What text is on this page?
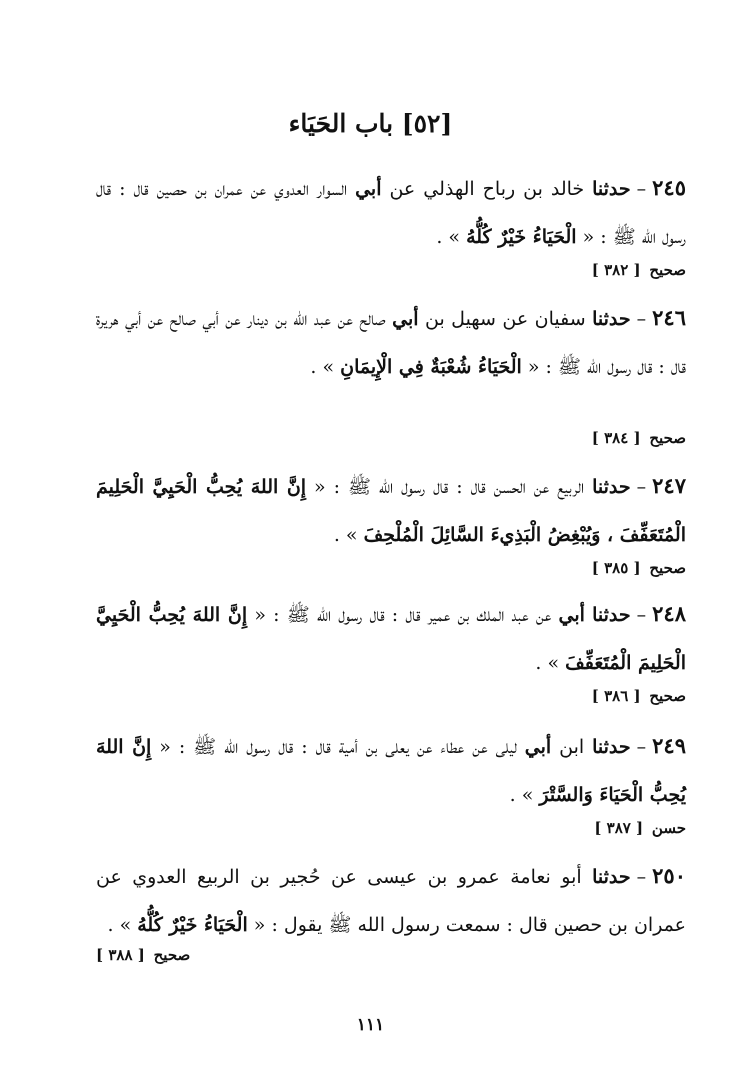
[٥٢] باب الحَيَاء

٢٤٥–حدثنا خالد بن رباح الهذلي عن أبي السوار العدوي عن عمران بن حصين قال : قال رسول الله ﷺ : « الْحَيَاءُ خَيْرٌ كُلُّهُ » .

صحيح [ ٣٨٢ ]

٢٤٦–حدثنا سفيان عن سهيل بن أبي صالح عن عبد الله بن دينار عن أبي صالح عن أبي هريرة قال : قال رسول الله ﷺ : « الْحَيَاءُ شُعْبَةٌ فِي الْإِيمَانِ » .

صحيح [ ٣٨٤ ]

٢٤٧–حدثنا الربيع عن الحسن قال : قال رسول الله ﷺ : « إِنَّ اللهَ يُحِبُّ الْحَيِيَّ الْحَلِيمَ الْمُتَعَفِّفَ ، وَيُبْغِضُ الْبَذِيءَ السَّائِلَ الْمُلْحِفَ » .

صحيح [ ٣٨٥ ]

٢٤٨–حدثنا أبي عن عبد الملك بن عمير قال : قال رسول الله ﷺ : « إِنَّ اللهَ يُحِبُّ الْحَيِيَّ الْحَلِيمَ الْمُتَعَفِّفَ » .

صحيح [ ٣٨٦ ]

٢٤٩–حدثنا ابن أبي ليلى عن عطاء عن يعلى بن أمية قال : قال رسول الله ﷺ : « إِنَّ اللهَ يُحِبُّ الْحَيَاءَ وَالسَّتْرَ » .

حسن [ ٣٨٧ ]

٢٥٠–حدثنا أبو نعامة عمرو بن عيسى عن حُجير بن الربيع العدوي عن عمران بن حصين قال : سمعت رسول الله ﷺ يقول : « الْحَيَاءُ خَيْرٌ كُلُّهُ » .

صحيح [ ٣٨٨ ]
١١١
